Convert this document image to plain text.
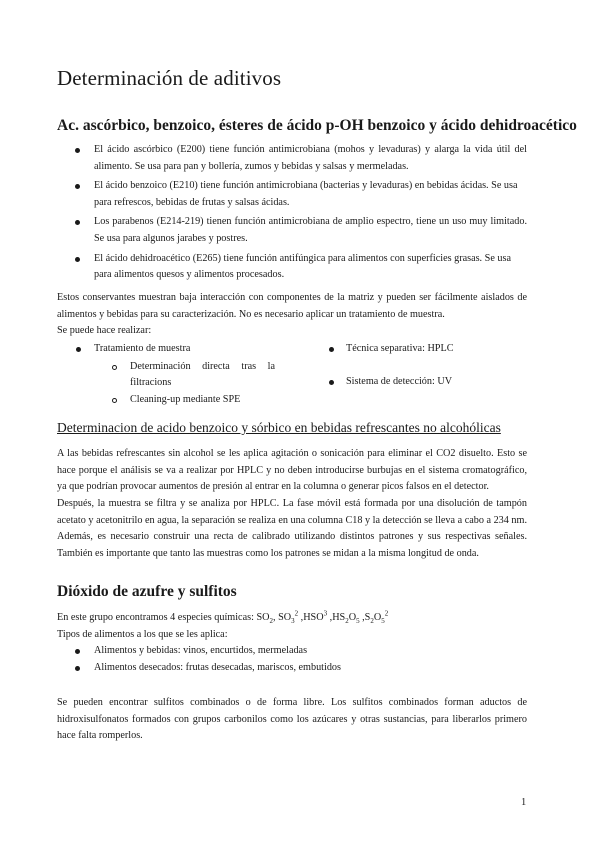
Determinación de aditivos
Ac. ascórbico, benzoico, ésteres de ácido p-OH benzoico y ácido dehidroacético
El ácido ascórbico (E200) tiene función antimicrobiana (mohos y levaduras) y alarga la vida útil del alimento. Se usa para pan y bollería, zumos y bebidas y salsas y mermeladas.
El ácido benzoico (E210) tiene función antimicrobiana (bacterias y levaduras) en bebidas ácidas. Se usa para refrescos, bebidas de frutas y salsas ácidas.
Los parabenos (E214-219) tienen función antimicrobiana de amplio espectro, tiene un uso muy limitado. Se usa para algunos jarabes y postres.
El ácido dehidroacético (E265) tiene función antifúngica para alimentos con superficies grasas. Se usa para alimentos quesos y alimentos procesados.

Estos conservantes muestran baja interacción con componentes de la matriz y pueden ser fácilmente aislados de alimentos y bebidas para su caracterización. No es necesario aplicar un tratamiento de muestra.

Se puede hace realizar:

Tratamiento de muestra
Determinación directa tras la filtracions
Cleaning-up mediante SPE
Técnica separativa: HPLC
Sistema de detección: UV
Determinacion de acido benzoico y sórbico en bebidas refrescantes no alcohólicas

A las bebidas refrescantes sin alcohol se les aplica agitación o sonicación para eliminar el CO2 disuelto. Esto se hace porque el análisis se va a realizar por HPLC y no deben introducirse burbujas en el sistema cromatográfico, ya que podrían provocar aumentos de presión al entrar en la columna o generar picos falsos en el detector.

Después, la muestra se filtra y se analiza por HPLC. La fase móvil está formada por una disolución de tampón acetato y acetonitrilo en agua, la separación se realiza en una columna C18 y la detección se lleva a cabo a 234 nm. Además, es necesario construir una recta de calibrado utilizando distintos patrones y sus respectivas señales. También es importante que tanto las muestras como los patrones se midan a la misma longitud de onda.

Dióxido de azufre y sulfitos

En este grupo encontramos 4 especies químicas: $SO_2$, $SO_3^2$ ,HSO$^3$ $,HS_2O_5$ $,S_2O_5^2$

Tipos de alimentos a los que se les aplica:

Alimentos y bebidas: vinos, encurtidos, mermeladas
Alimentos desecados: frutas desecadas, mariscos, embutidos

Se pueden encontrar sulfitos combinados o de forma libre. Los sulfitos combinados forman aductos de hidroxisulfonatos formados con grupos carbonilos como los azúcares y otras sustancias, para liberarlos primero hace falta romperlos.

1
